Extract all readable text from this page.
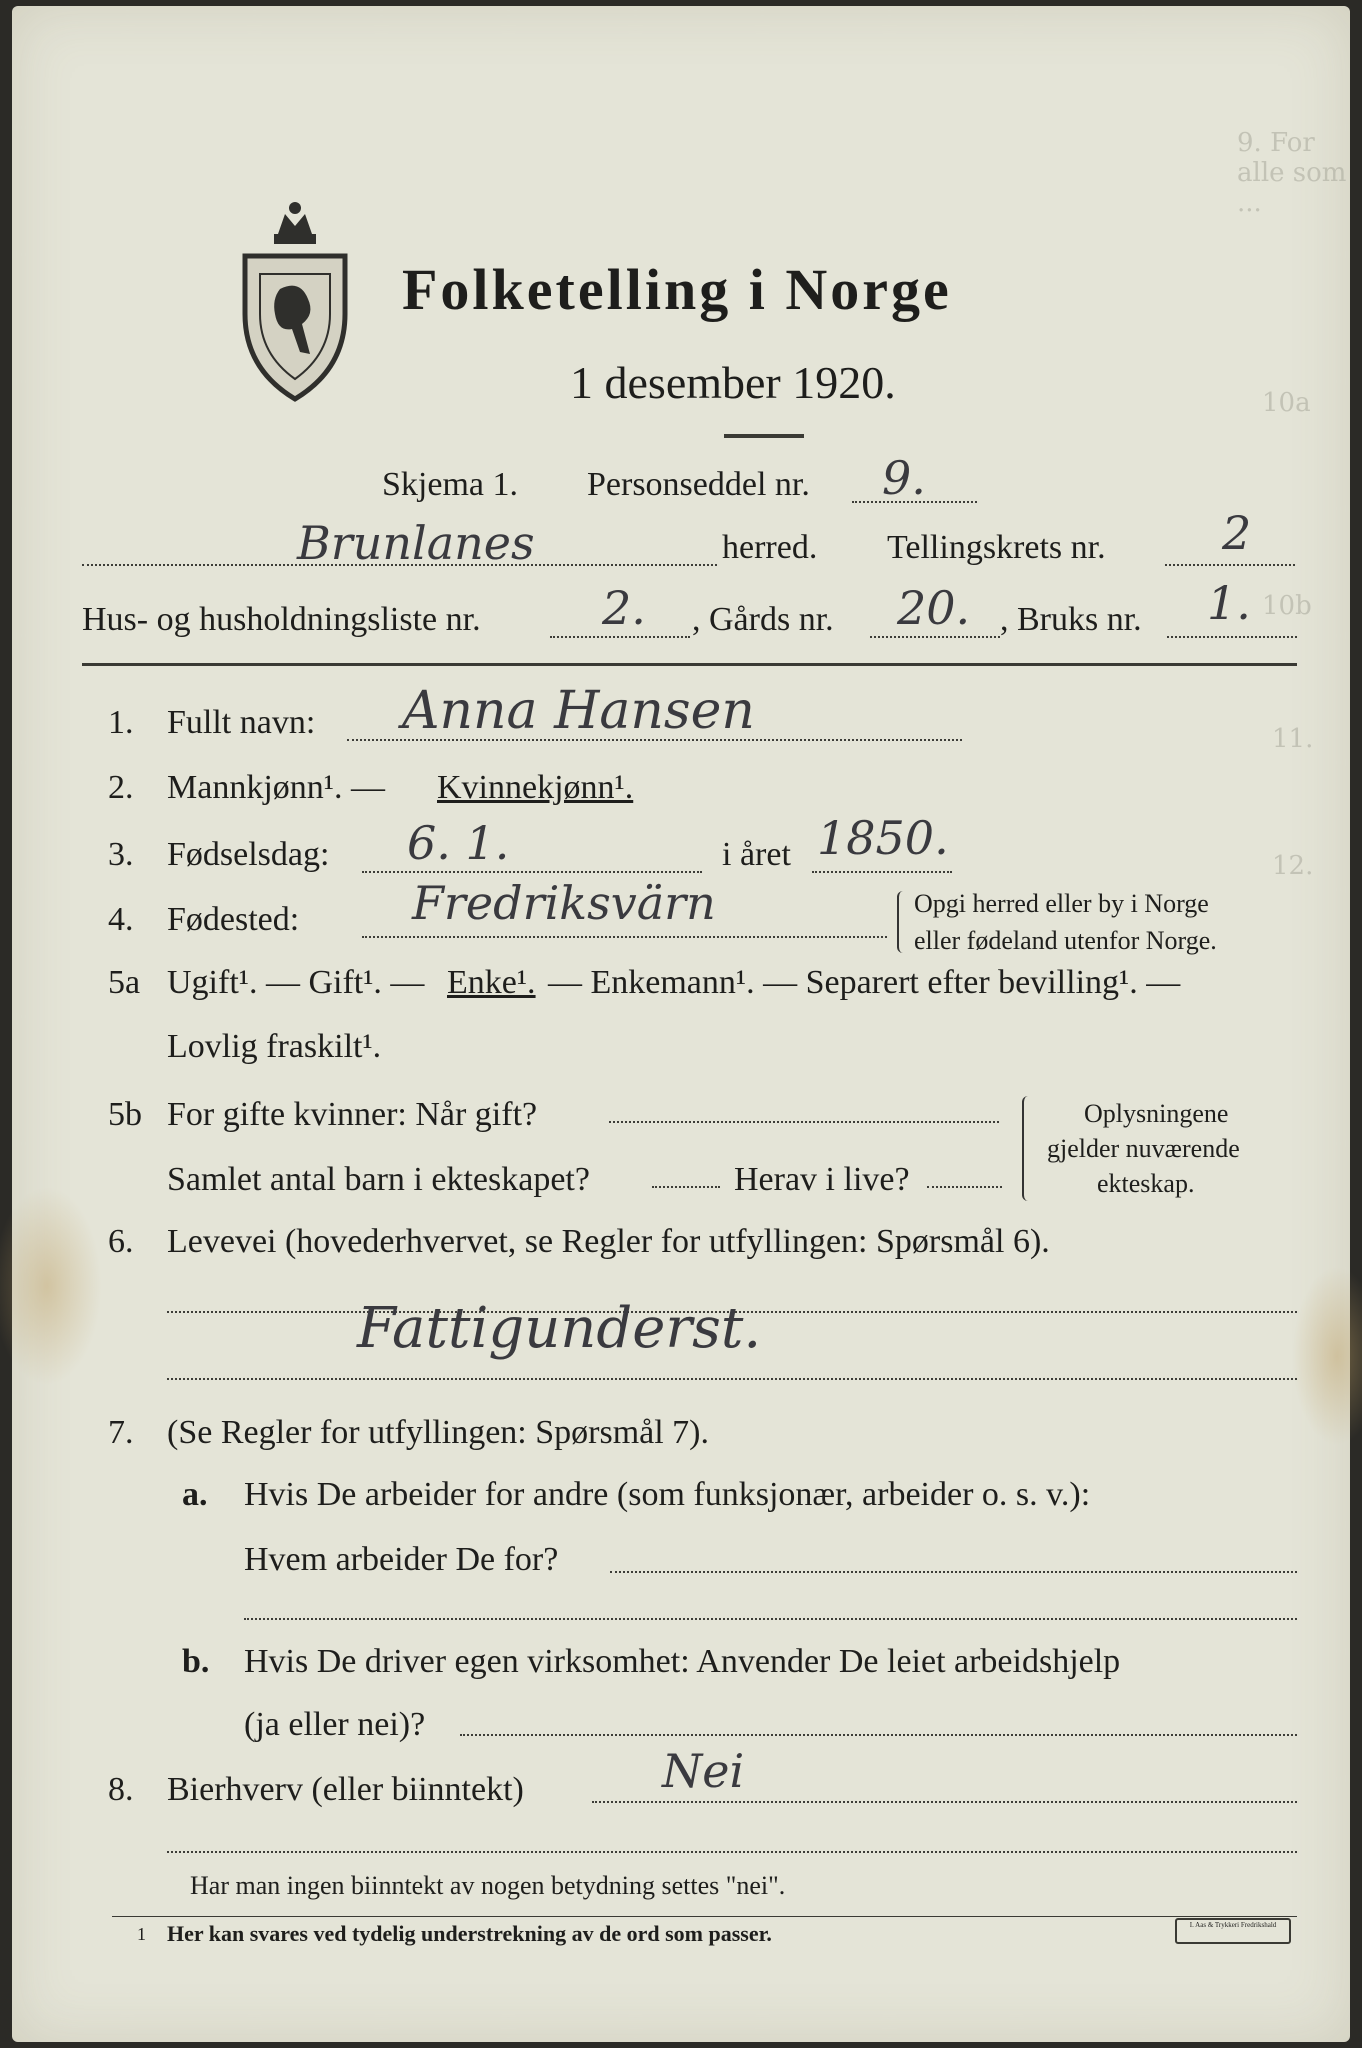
9. For alle som ...
10a
10b
11.
12.
Folketelling i Norge
1 desember 1920.
Skjema 1. Personseddel nr. 9.
Brunlanes	herred. Tellingskrets nr.	2
Hus- og husholdningsliste nr.	2. , Gårds nr. 20. , Bruks nr. 1.
1. Fullt navn: Anna Hansen
2. Mannkjønn¹. — Kvinnekjønn¹.
3. Fødselsdag: 6. 1.	i året 1850.
4. Fødested: Fredriksvärn	Opgi herred eller by i Norge
eller fødeland utenfor Norge.
5a Ugift¹. — Gift¹. — Enke¹. — Enkemann¹. — Separert efter bevilling¹. —
Lovlig fraskilt¹.
5b For gifte kvinner: Når gift?
Samlet antal barn i ekteskapet?	Herav i live?
Oplysningene
gjelder nuværende
ekteskap.
6. Levevei (hovederhvervet, se Regler for utfyllingen: Spørsmål 6).
Fattigunderst.
7. (Se Regler for utfyllingen: Spørsmål 7).
a. Hvis De arbeider for andre (som funksjonær, arbeider o. s. v.):
Hvem arbeider De for?
b. Hvis De driver egen virksomhet: Anvender De leiet arbeidshjelp
(ja eller nei)?
8. Bierhverv (eller biinntekt)	Nei
Har man ingen biinntekt av nogen betydning settes "nei".
1 Her kan svares ved tydelig understrekning av de ord som passer.	I. Aas & Trykkeri Fredrikshald
